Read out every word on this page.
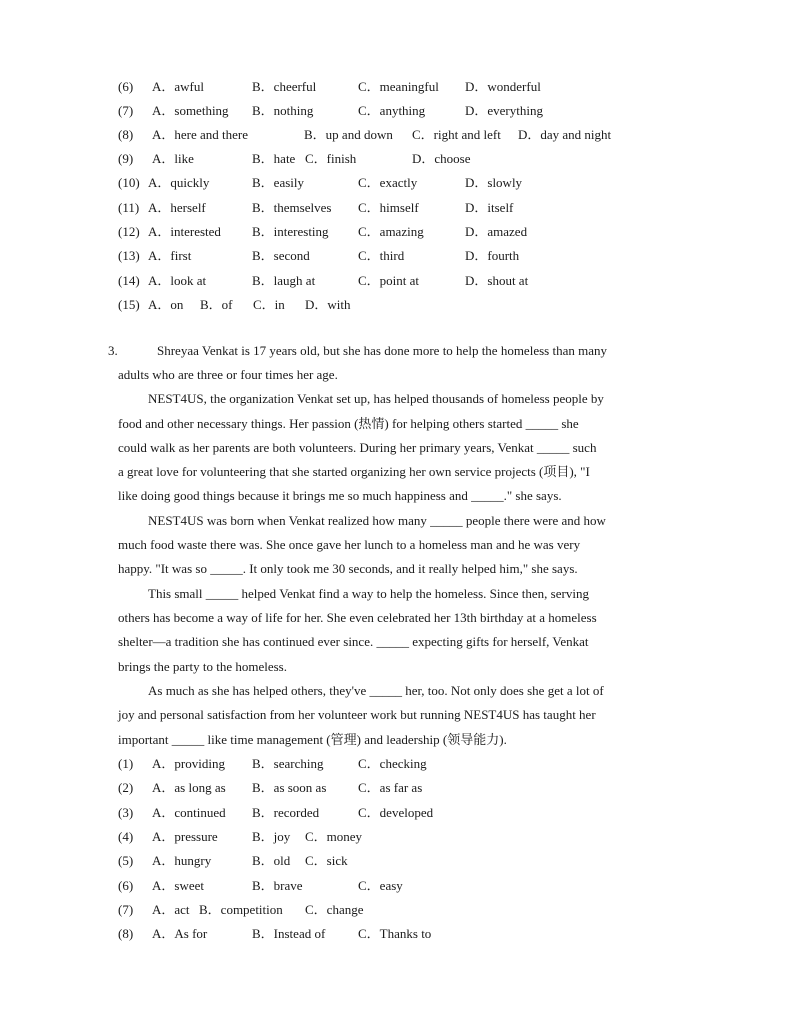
(6) A．awful	B．cheerful	C．meaningful D．wonderful
(7) A．something B．nothing	C．anything	D．everything
(8) A．here and there	B．up and down C．right and left D．day and night
(9) A．like	B．hate C．finish	D．choose
(10) A．quickly	B．easily	C．exactly	D．slowly
(11) A．herself	B．themselves C．himself	D．itself
(12) A．interested B．interesting C．amazing	D．amazed
(13) A．first	B．second	C．third	D．fourth
(14) A．look at	B．laugh at	C．point at	D．shout at
(15) A．on B．of C．in D．with
3.	Shreyaa Venkat is 17 years old, but she has done more to help the homeless than many
adults who are three or four times her age.
NEST4US, the organization Venkat set up, has helped thousands of homeless people by
food and other necessary things. Her passion (热情) for helping others started _____ she
could walk as her parents are both volunteers. During her primary years, Venkat _____ such
a great love for volunteering that she started organizing her own service projects (项目), "I
like doing good things because it brings me so much happiness and _____." she says.
NEST4US was born when Venkat realized how many _____ people there were and how
much food waste there was. She once gave her lunch to a homeless man and he was very
happy. "It was so _____. It only took me 30 seconds, and it really helped him," she says.
This small _____ helped Venkat find a way to help the homeless. Since then, serving
others has become a way of life for her. She even celebrated her 13th birthday at a homeless
shelter—a tradition she has continued ever since. _____ expecting gifts for herself, Venkat
brings the party to the homeless.
As much as she has helped others, they've _____ her, too. Not only does she get a lot of
joy and personal satisfaction from her volunteer work but running NEST4US has taught her
important _____ like time management (管理) and leadership (领导能力).
(1) A．providing B．searching	C．checking
(2) A．as long as B．as soon as C．as far as
(3) A．continued B．recorded	C．developed
(4) A．pressure	B．joy C．money
(5) A．hungry	B．old C．sick
(6) A．sweet	B．brave	C．easy
(7) A．act B．competition C．change
(8) A．As for	B．Instead of	C．Thanks to
